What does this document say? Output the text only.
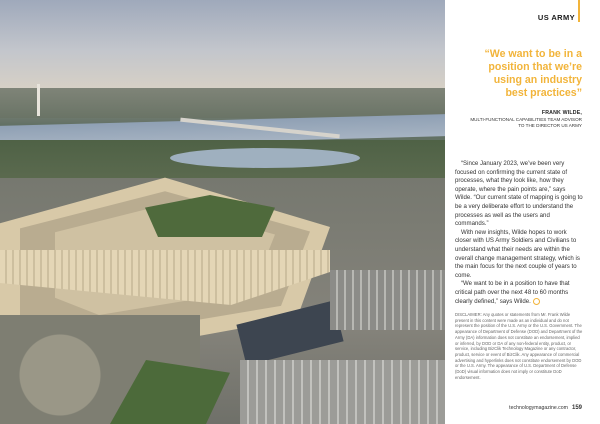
US ARMY
“We want to be in a position that we’re using an industry best practices”
FRANK WILDE,
MULTI-FUNCTIONAL CAPABILITIES TEAM ADVISOR TO THE DIRECTOR US ARMY

“Since January 2023, we’ve been very focused on confirming the current state of processes, what they look like, how they operate, where the pain points are,” says Wilde. “Our current state of mapping is going to be a very deliberate effort to understand the processes as well as the users and commands.”

With new insights, Wilde hopes to work closer with US Army Soldiers and Civilians to understand what their needs are within the overall change management strategy, which is the main focus for the next couple of years to come.

“We want to be in a position to have that critical path over the next 48 to 60 months clearly defined,” says Wilde.

DISCLAIMER: Any quotes or statements from Mr. Frank Wilde present in this content were made as an individual and do not represent the position of the U.S. Army or the U.S. Government. The appearance of Department of Defense (DOD) and Department of the Army (DA) information does not constitute an endorsement, implied or inferred, by DOD or DA of any non-federal entity, product, or service, including BizClik Technology Magazine or any contractor, product, service or event of BizClik. Any appearance of commercial advertising and hyperlinks does not constitute endorsement by DOD or the U.S. Army. The appearance of U.S. Department of Defense (DoD) visual information does not imply or constitute DoD endorsement.
technologymagazine.com 159
